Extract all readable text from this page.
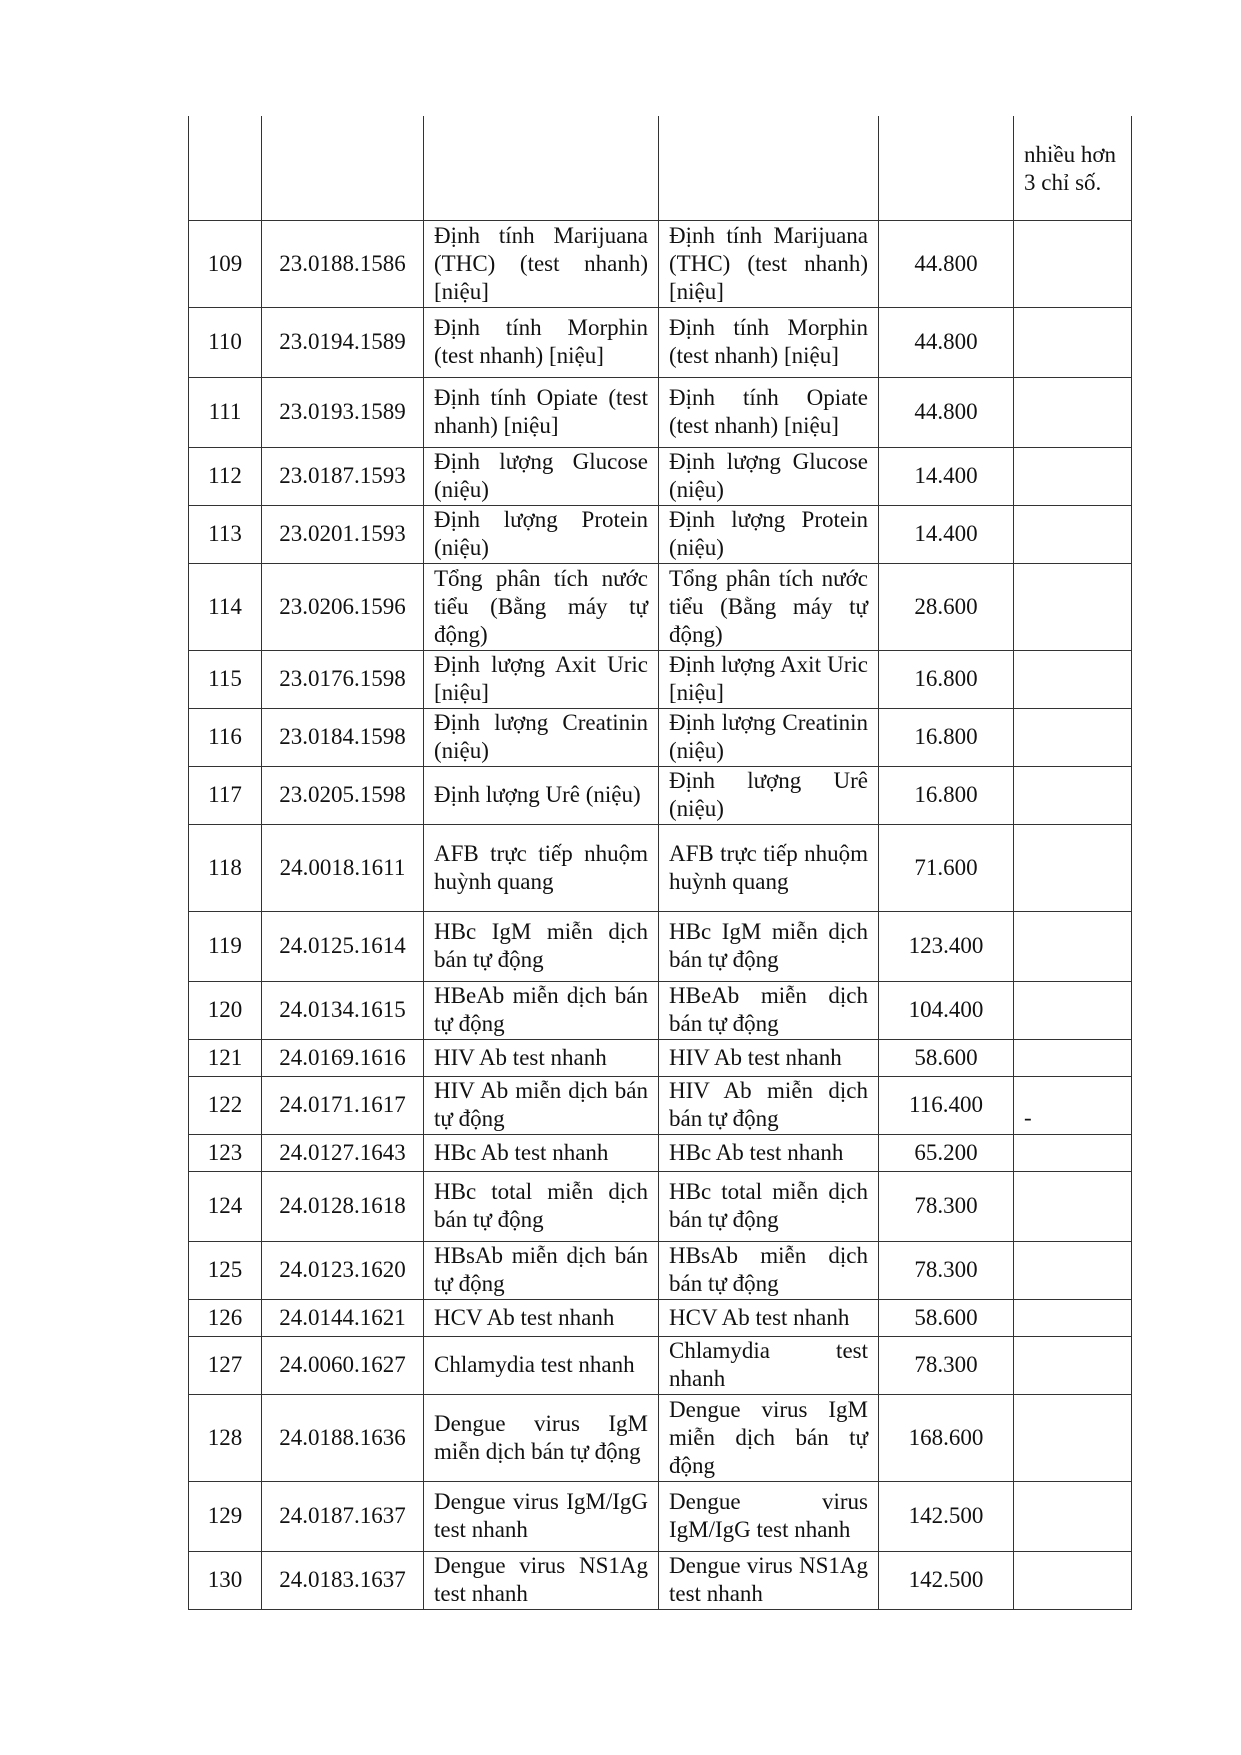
					nhiều hơn 3 chỉ số.
109	23.0188.1586	Định tính Marijuana (THC) (test nhanh) [niệu]	Định tính Marijuana (THC) (test nhanh) [niệu]	44.800	
110	23.0194.1589	Định tính Morphin (test nhanh) [niệu]	Định tính Morphin (test nhanh) [niệu]	44.800	
111	23.0193.1589	Định tính Opiate (test nhanh) [niệu]	Định tính Opiate (test nhanh) [niệu]	44.800	
112	23.0187.1593	Định lượng Glucose (niệu)	Định lượng Glucose (niệu)	14.400	
113	23.0201.1593	Định lượng Protein (niệu)	Định lượng Protein (niệu)	14.400	
114	23.0206.1596	Tổng phân tích nước tiểu (Bằng máy tự động)	Tổng phân tích nước tiểu (Bằng máy tự động)	28.600	
115	23.0176.1598	Định lượng Axit Uric [niệu]	Định lượng Axit Uric [niệu]	16.800	
116	23.0184.1598	Định lượng Creatinin (niệu)	Định lượng Creatinin (niệu)	16.800	
117	23.0205.1598	Định lượng Urê (niệu)	Định lượng Urê (niệu)	16.800	
118	24.0018.1611	AFB trực tiếp nhuộm huỳnh quang	AFB trực tiếp nhuộm huỳnh quang	71.600	
119	24.0125.1614	HBc IgM miễn dịch bán tự động	HBc IgM miễn dịch bán tự động	123.400	
120	24.0134.1615	HBeAb miễn dịch bán tự động	HBeAb miễn dịch bán tự động	104.400	
121	24.0169.1616	HIV Ab test nhanh	HIV Ab test nhanh	58.600	
122	24.0171.1617	HIV Ab miễn dịch bán tự động	HIV Ab miễn dịch bán tự động	116.400	-
123	24.0127.1643	HBc Ab test nhanh	HBc Ab test nhanh	65.200	
124	24.0128.1618	HBc total miễn dịch bán tự động	HBc total miễn dịch bán tự động	78.300	
125	24.0123.1620	HBsAb miễn dịch bán tự động	HBsAb miễn dịch bán tự động	78.300	
126	24.0144.1621	HCV Ab test nhanh	HCV Ab test nhanh	58.600	
127	24.0060.1627	Chlamydia test nhanh	Chlamydia test nhanh	78.300	
128	24.0188.1636	Dengue virus IgM miễn dịch bán tự động	Dengue virus IgM miễn dịch bán tự động	168.600	
129	24.0187.1637	Dengue virus IgM/IgG test nhanh	Dengue virus IgM/IgG test nhanh	142.500	
130	24.0183.1637	Dengue virus NS1Ag test nhanh	Dengue virus NS1Ag test nhanh	142.500	
